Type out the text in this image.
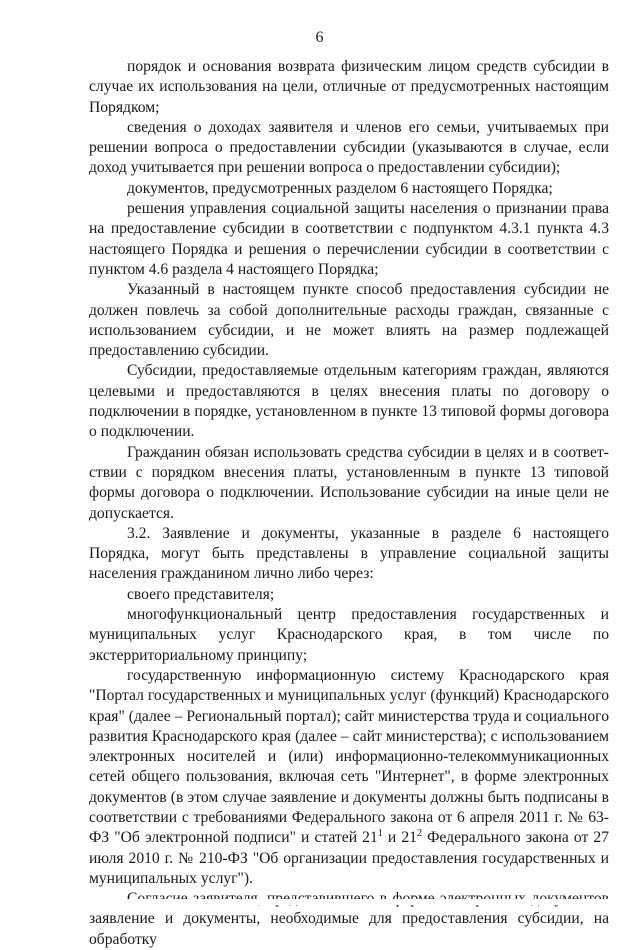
6

порядок и основания возврата физическим лицом средств субсидии в случае их использования на цели, отличные от предусмотренных настоящим Порядком;

сведения о доходах заявителя и членов его семьи, учитываемых при решении вопроса о предоставлении субсидии (указываются в случае, если доход учитывается при решении вопроса о предоставлении субсидии);

документов, предусмотренных разделом 6 настоящего Порядка;

решения управления социальной защиты населения о признании права на предоставление субсидии в соответствии с подпунктом 4.3.1 пункта 4.3 настоящего Порядка и решения о перечислении субсидии в соответствии с пунктом 4.6 раздела 4 настоящего Порядка;

Указанный в настоящем пункте способ предоставления субсидии не должен повлечь за собой дополнительные расходы граждан, связанные с использованием субсидии, и не может влиять на размер подлежащей предоставлению субсидии.

Субсидии, предоставляемые отдельным категориям граждан, являются целевыми и предоставляются в целях внесения платы по договору о подключении в порядке, установленном в пункте 13 типовой формы договора о подключении.

Гражданин обязан использовать средства субсидии в целях и в соответствии с порядком внесения платы, установленным в пункте 13 типовой формы договора о подключении. Использование субсидии на иные цели не допускается.

3.2. Заявление и документы, указанные в разделе 6 настоящего Порядка, могут быть представлены в управление социальной защиты населения гражданином лично либо через:

своего представителя;

многофункциональный центр предоставления государственных и муниципальных услуг Краснодарского края, в том числе по экстерриториальному принципу;

государственную информационную систему Краснодарского края "Портал государственных и муниципальных услуг (функций) Краснодарского края" (далее – Региональный портал); сайт министерства труда и социального развития Краснодарского края (далее – сайт министерства); с использованием электронных носителей и (или) информационно-телекоммуникационных сетей общего пользования, включая сеть "Интернет", в форме электронных документов (в этом случае заявление и документы должны быть подписаны в соответствии с требованиями Федерального закона от 6 апреля 2011 г. № 63-ФЗ "Об электронной подписи" и статей $21^1$ и $21^2$ Федерального закона от 27 июля 2010 г. № 210-ФЗ "Об организации предоставления государственных и муниципальных услуг").

заявление и документы, необходимые для предоставления субсидии, на обработку
